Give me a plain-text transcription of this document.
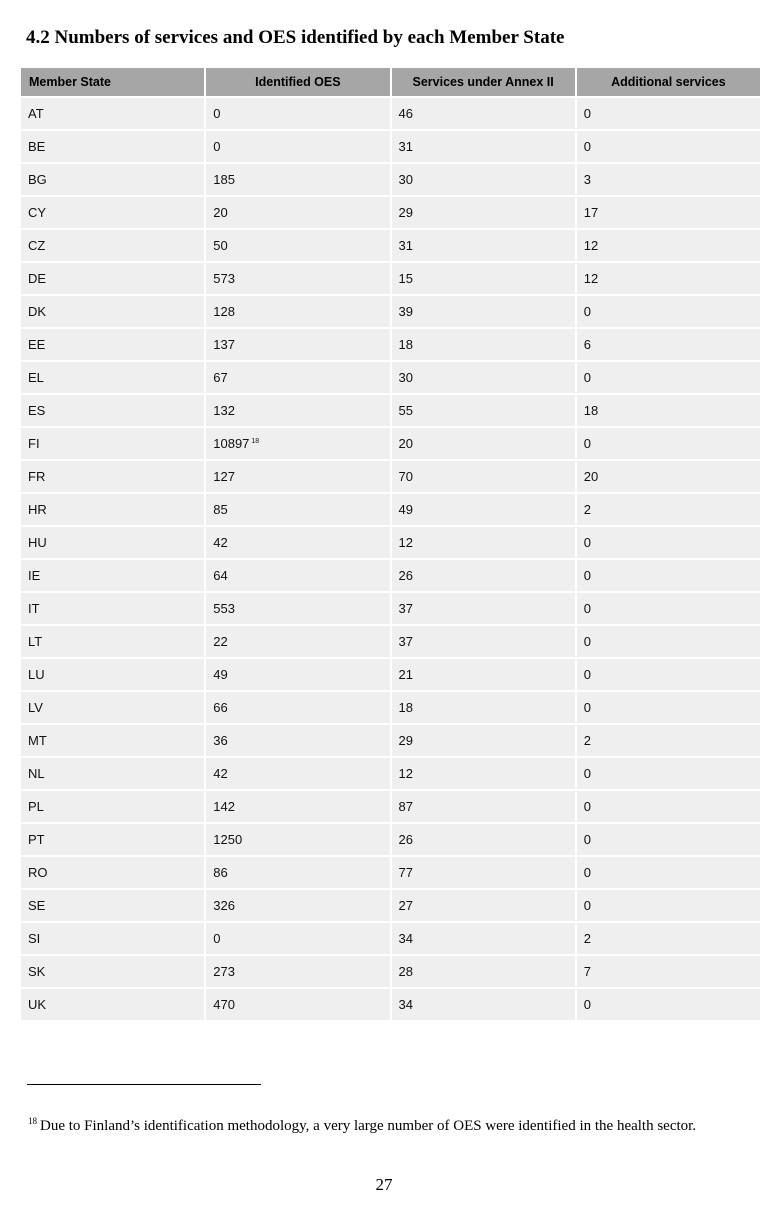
4.2 Numbers of services and OES identified by each Member State
Member State	Identified OES	Services under Annex II	Additional services
AT	0	46	0
BE	0	31	0
BG	185	30	3
CY	20	29	17
CZ	50	31	12
DE	573	15	12
DK	128	39	0
EE	137	18	6
EL	67	30	0
ES	132	55	18
FI	10897 $^{18}$	20	0
FR	127	70	20
HR	85	49	2
HU	42	12	0
IE	64	26	0
IT	553	37	0
LT	22	37	0
LU	49	21	0
LV	66	18	0
MT	36	29	2
NL	42	12	0
PL	142	87	0
PT	1250	26	0
RO	86	77	0
SE	326	27	0
SI	0	34	2
SK	273	28	7
UK	470	34	0

$^{18}$ Due to Finland’s identification methodology, a very large number of OES were identified in the health sector.

27
